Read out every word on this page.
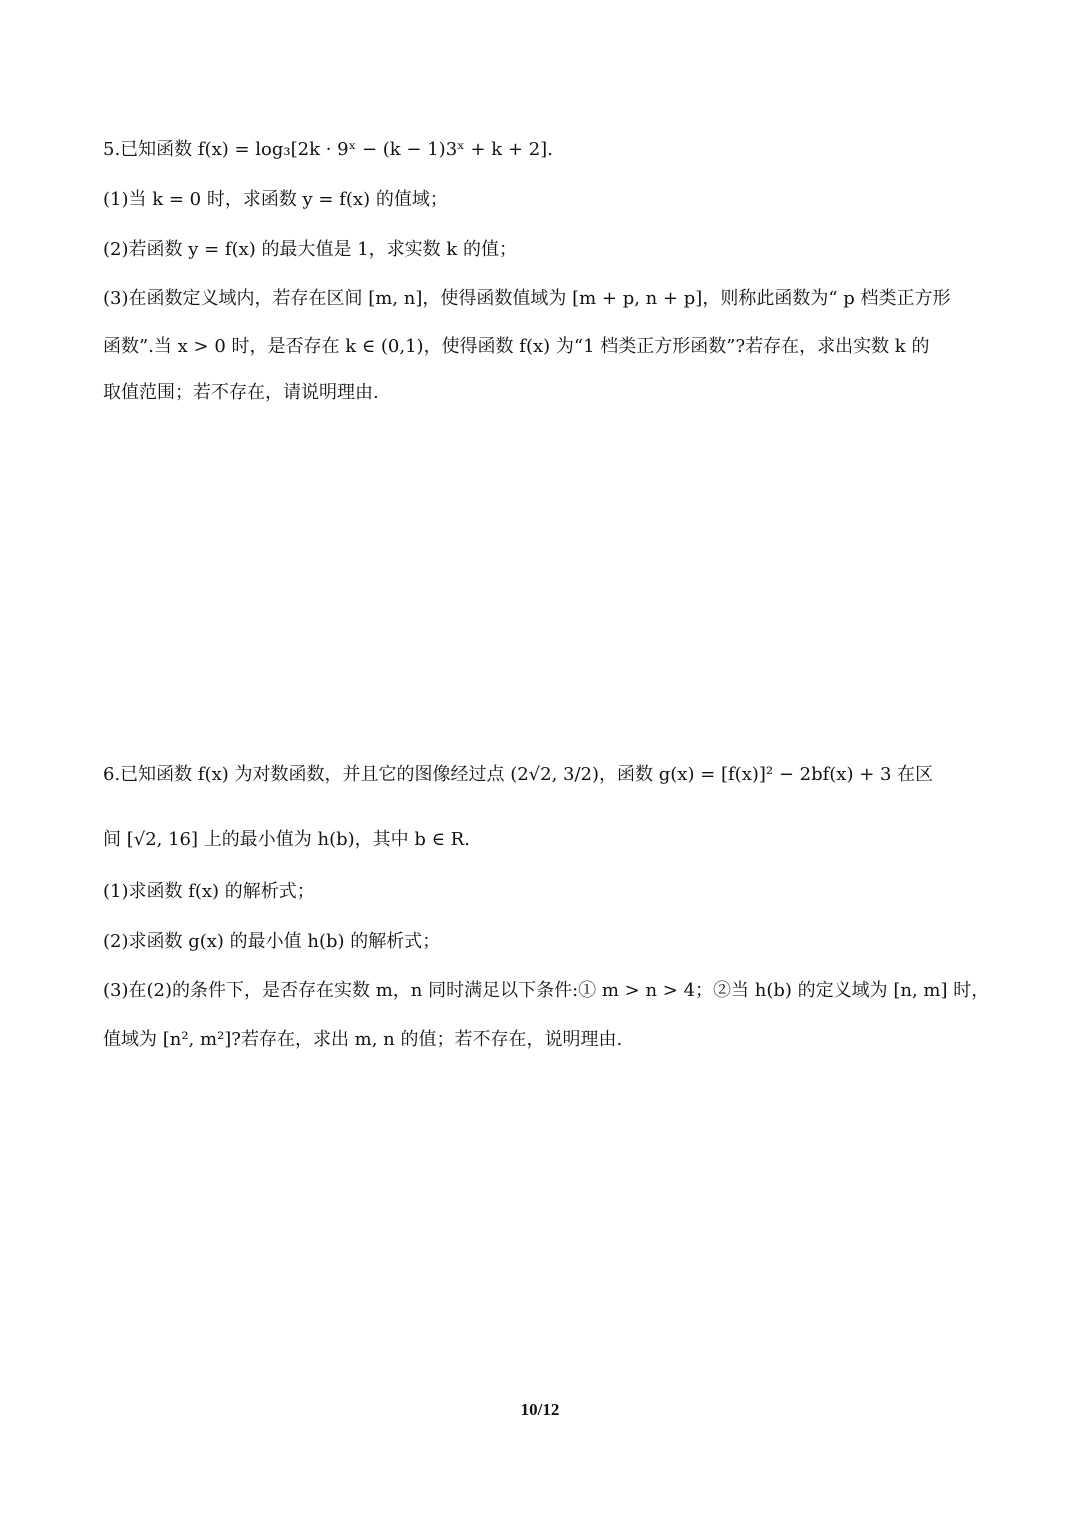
5.已知函数 f(x) = log₃[2k · 9ˣ − (k − 1)3ˣ + k + 2].
(1)当 k = 0 时，求函数 y = f(x) 的值域；
(2)若函数 y = f(x) 的最大值是 1，求实数 k 的值；
(3)在函数定义域内，若存在区间 [m, n]，使得函数值域为 [m + p, n + p]，则称此函数为“ p 档类正方形
函数”.当 x > 0 时，是否存在 k ∈ (0,1)，使得函数 f(x) 为“1 档类正方形函数”?若存在，求出实数 k 的
取值范围；若不存在，请说明理由.
6.已知函数 f(x) 为对数函数，并且它的图像经过点 (2√2, 3/2)，函数 g(x) = [f(x)]² − 2bf(x) + 3 在区
间 [√2, 16] 上的最小值为 h(b)，其中 b ∈ R.
(1)求函数 f(x) 的解析式；
(2)求函数 g(x) 的最小值 h(b) 的解析式；
(3)在(2)的条件下，是否存在实数 m，n 同时满足以下条件:① m > n > 4；②当 h(b) 的定义域为 [n, m] 时，
值域为 [n², m²]?若存在，求出 m, n 的值；若不存在，说明理由.
10/12
